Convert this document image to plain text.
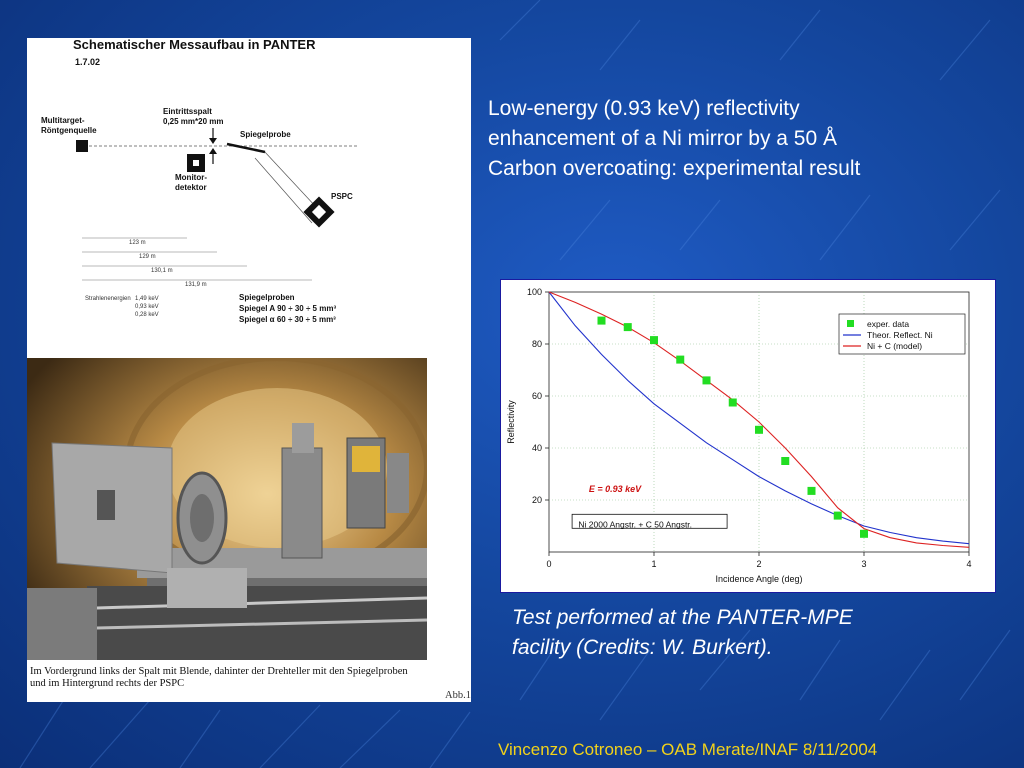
Schematischer Messaufbau in PANTER
1.7.02
Multitarget-
Röntgenquelle
Eintrittsspalt
0,25 mm*20 mm
Spiegelprobe
Monitor-
detektor
PSPC
123 m
129 m
130,1 m
131,9 m
Strahlenenergien 1,49 keV
0,93 keV
0,28 keV
Spiegelproben
Spiegel A 90 ÷ 30 ÷ 5 mm³
Spiegel α 60 ÷ 30 ÷ 5 mm³
Im Vordergrund links der Spalt mit Blende, dahinter der Drehteller mit den Spiegelproben
und im Hintergrund rechts der PSPC
Abb.1
Low-energy (0.93 keV) reflectivity
enhancement of a Ni mirror by a 50 Å
Carbon overcoating: experimental result
0	1	2	3	4
20
40
60
80
100
Incidence Angle (deg)
Reflectivity
E = 0.93 keV
Ni 2000 Angstr. + C 50 Angstr.
exper. data
Theor. Reflect. Ni
Ni + C (model)
Test performed at the PANTER-MPE
facility (Credits: W. Burkert).
Vincenzo Cotroneo – OAB Merate/INAF 8/11/2004
